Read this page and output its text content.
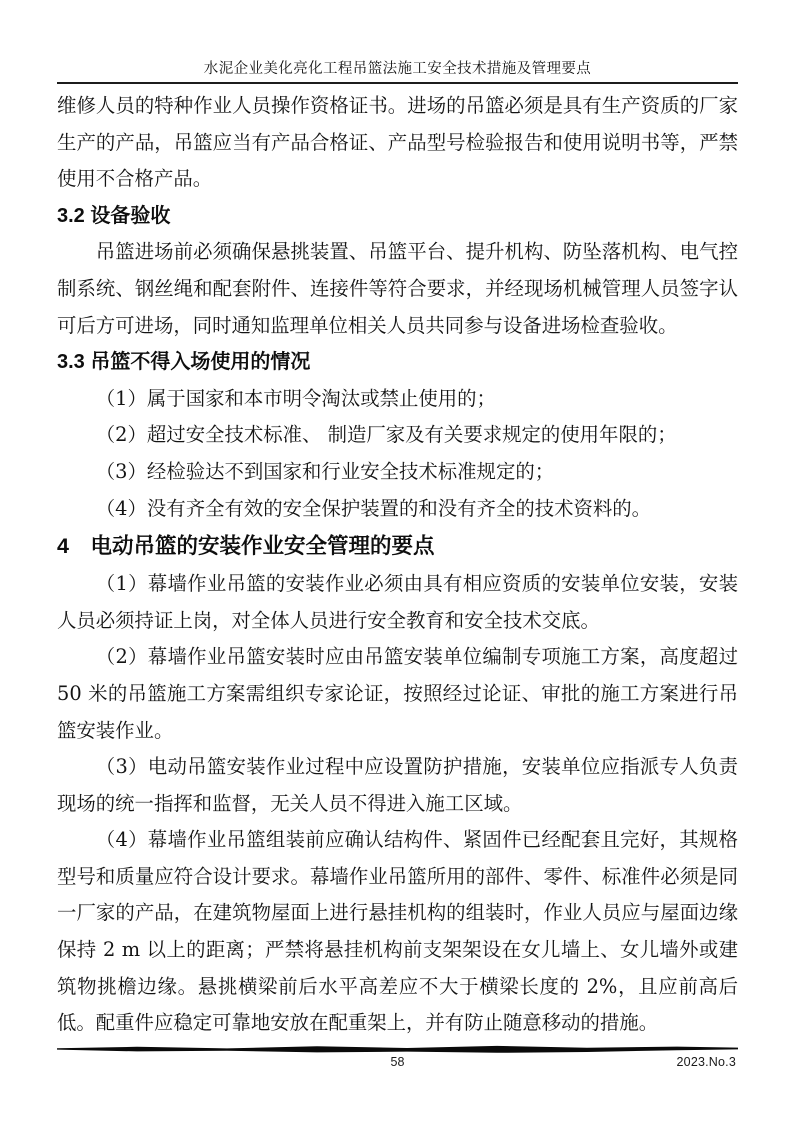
水泥企业美化亮化工程吊篮法施工安全技术措施及管理要点

维修人员的特种作业人员操作资格证书。进场的吊篮必须是具有生产资质的厂家生产的产品，吊篮应当有产品合格证、产品型号检验报告和使用说明书等，严禁使用不合格产品。

3.2 设备验收

吊篮进场前必须确保悬挑装置、吊篮平台、提升机构、防坠落机构、电气控制系统、钢丝绳和配套附件、连接件等符合要求，并经现场机械管理人员签字认可后方可进场，同时通知监理单位相关人员共同参与设备进场检查验收。

3.3 吊篮不得入场使用的情况

（1）属于国家和本市明令淘汰或禁止使用的；

（2）超过安全技术标准、 制造厂家及有关要求规定的使用年限的；

（3）经检验达不到国家和行业安全技术标准规定的；

（4）没有齐全有效的安全保护装置的和没有齐全的技术资料的。

4　电动吊篮的安装作业安全管理的要点

（1）幕墙作业吊篮的安装作业必须由具有相应资质的安装单位安装，安装人员必须持证上岗，对全体人员进行安全教育和安全技术交底。

（2）幕墙作业吊篮安装时应由吊篮安装单位编制专项施工方案，高度超过 50 米的吊篮施工方案需组织专家论证，按照经过论证、审批的施工方案进行吊篮安装作业。

（3）电动吊篮安装作业过程中应设置防护措施，安装单位应指派专人负责现场的统一指挥和监督，无关人员不得进入施工区域。

（4）幕墙作业吊篮组装前应确认结构件、紧固件已经配套且完好，其规格型号和质量应符合设计要求。幕墙作业吊篮所用的部件、零件、标准件必须是同一厂家的产品，在建筑物屋面上进行悬挂机构的组装时，作业人员应与屋面边缘保持 2 m 以上的距离；严禁将悬挂机构前支架架设在女儿墙上、女儿墙外或建筑物挑檐边缘。悬挑横梁前后水平高差应不大于横梁长度的 2%，且应前高后低。配重件应稳定可靠地安放在配重架上，并有防止随意移动的措施。

58	2023.No.3
